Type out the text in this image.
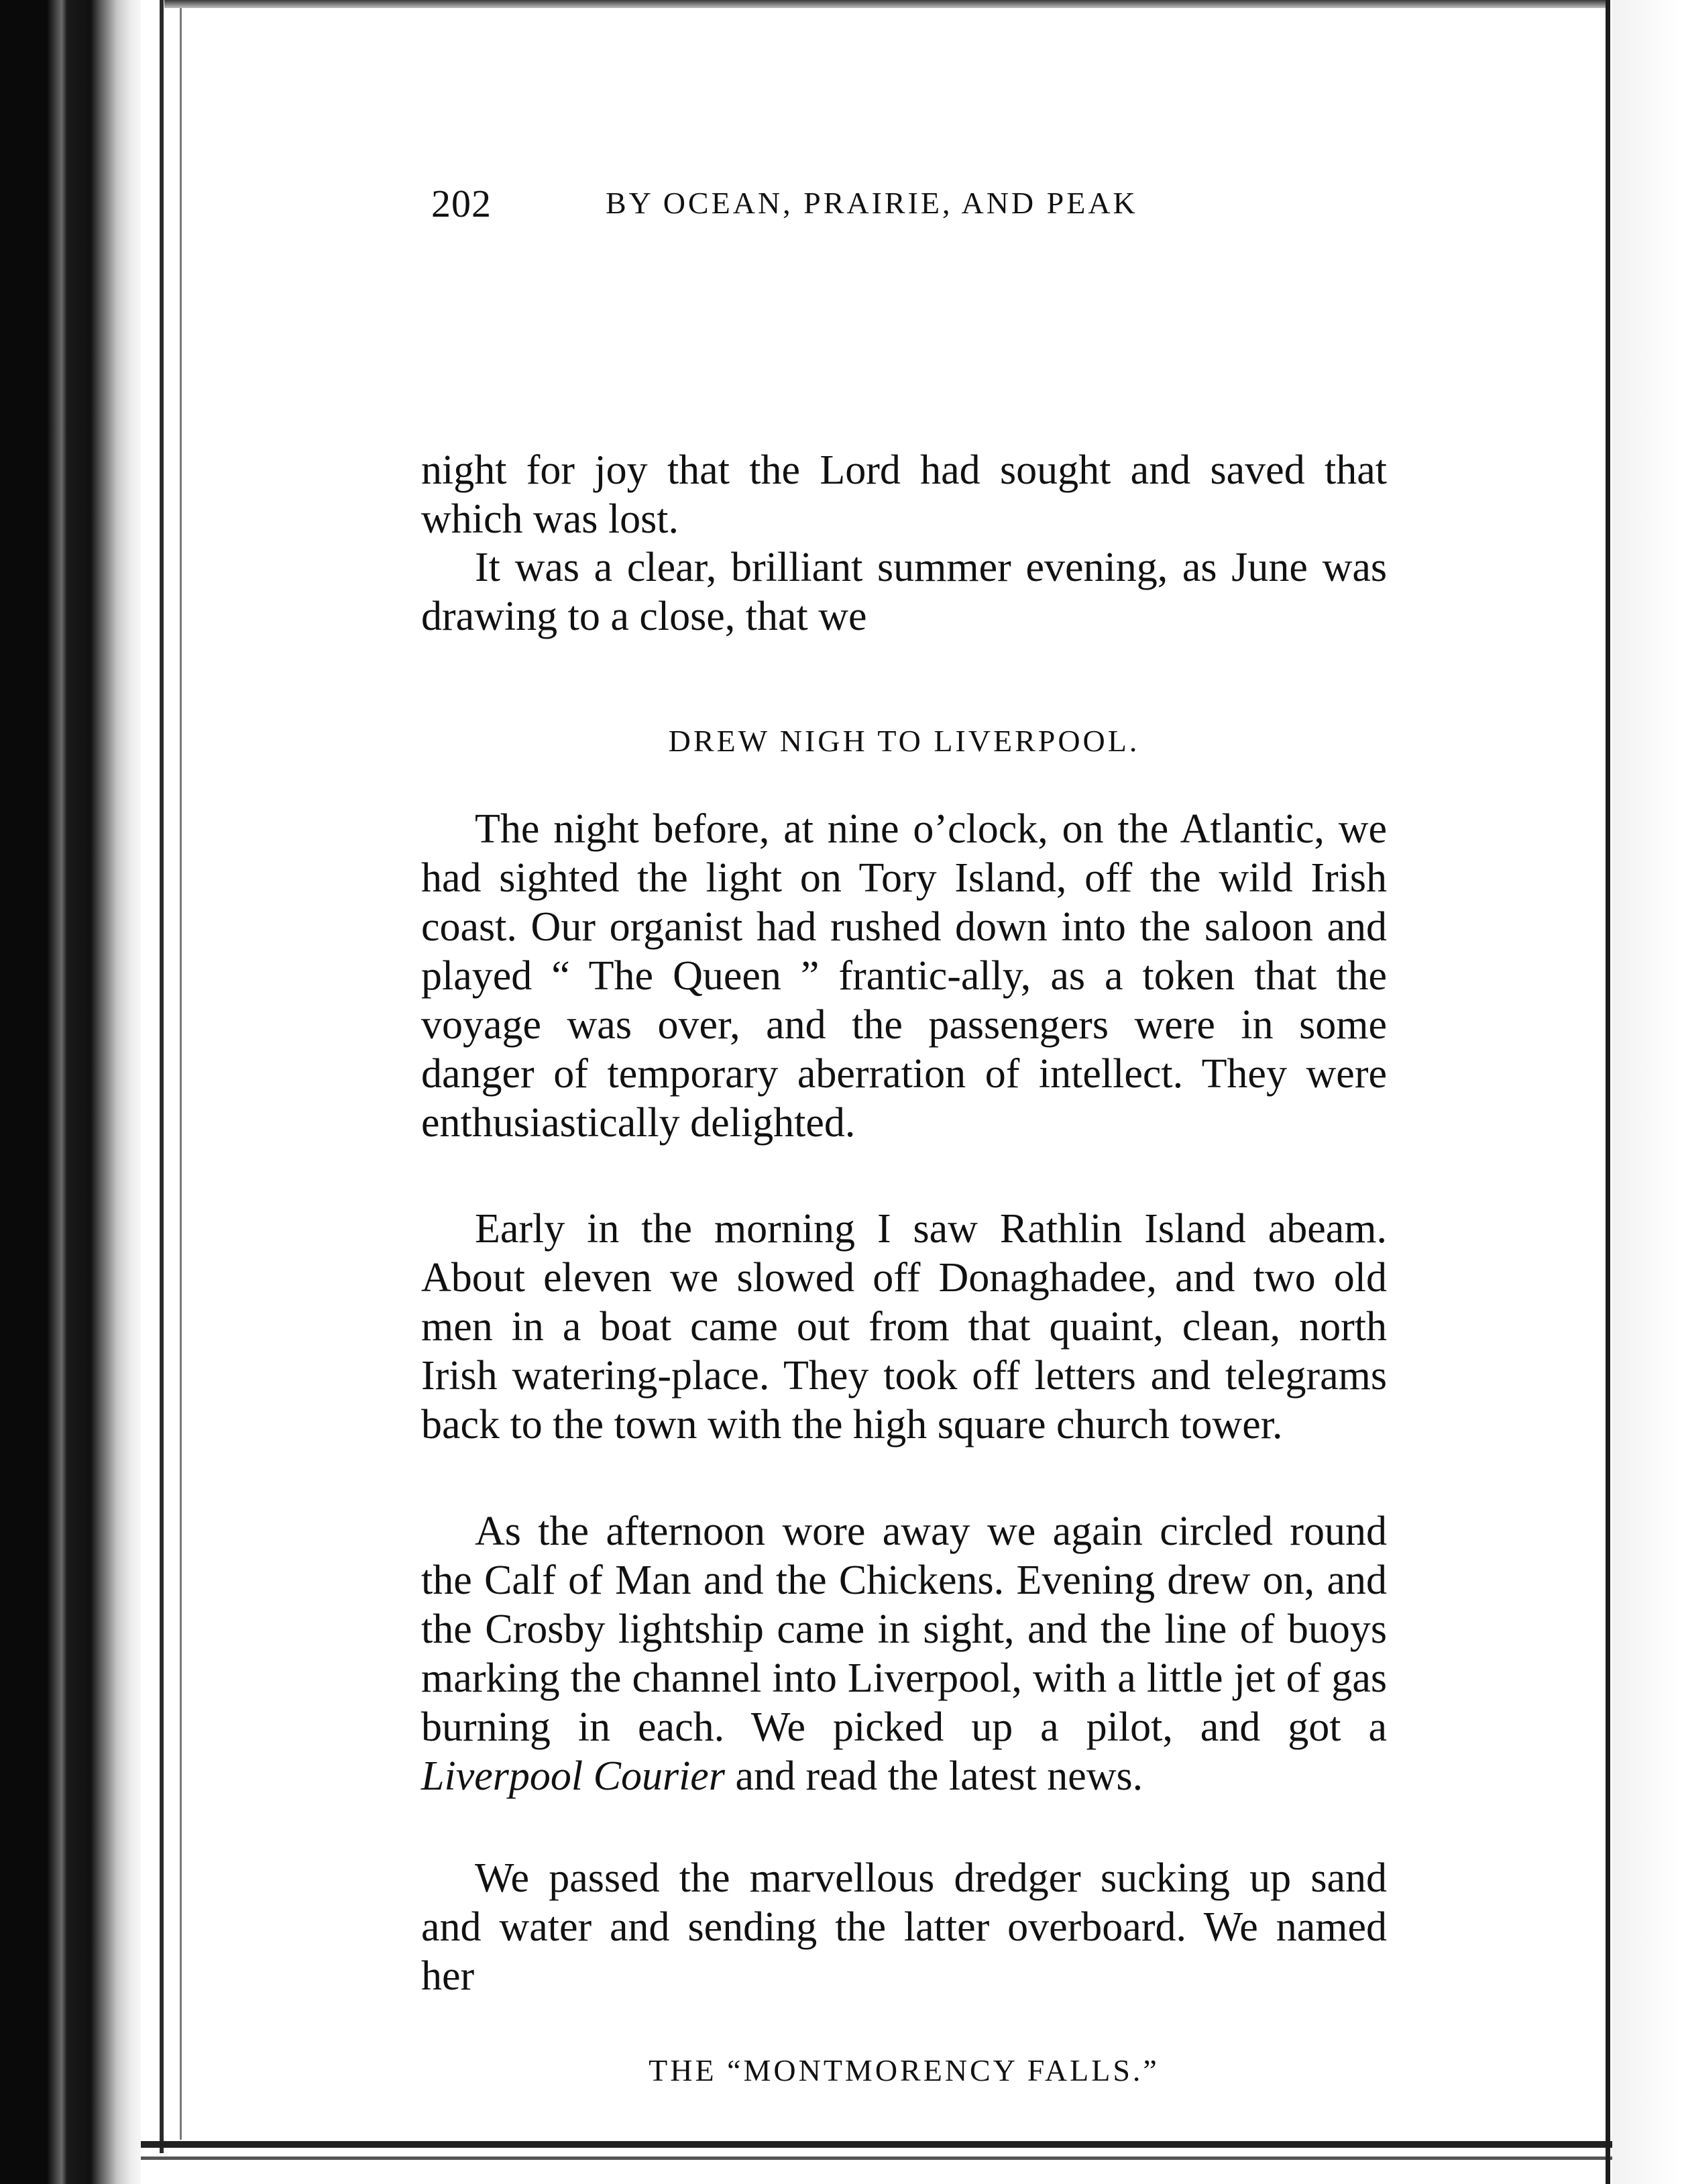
202	BY OCEAN, PRAIRIE, AND PEAK

night for joy that the Lord had sought and saved that which was lost.

It was a clear, brilliant summer evening, as June was drawing to a close, that we

DREW NIGH TO LIVERPOOL.

The night before, at nine o’clock, on the Atlantic, we had sighted the light on Tory Island, off the wild Irish coast. Our organist had rushed down into the saloon and played “ The Queen ” frantic-ally, as a token that the voyage was over, and the passengers were in some danger of temporary aberration of intellect. They were enthusiastically delighted.

Early in the morning I saw Rathlin Island abeam. About eleven we slowed off Donaghadee, and two old men in a boat came out from that quaint, clean, north Irish watering-place. They took off letters and telegrams back to the town with the high square church tower.

As the afternoon wore away we again circled round the Calf of Man and the Chickens. Evening drew on, and the Crosby lightship came in sight, and the line of buoys marking the channel into Liverpool, with a little jet of gas burning in each. We picked up a pilot, and got a Liverpool Courier and read the latest news.

We passed the marvellous dredger sucking up sand and water and sending the latter overboard. We named her

THE “MONTMORENCY FALLS.”
